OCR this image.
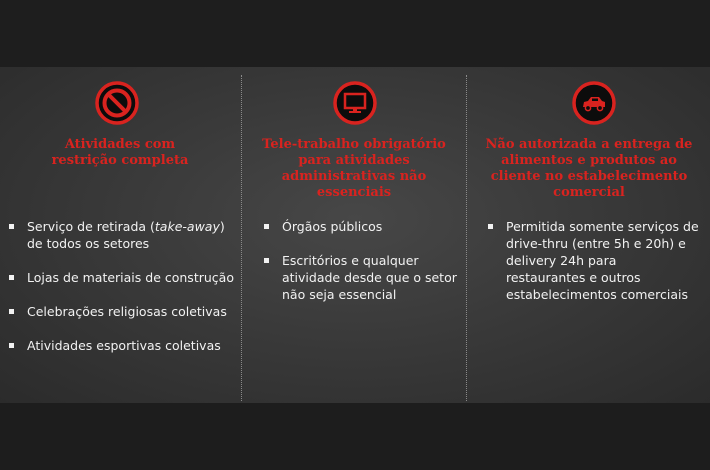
Atividades com
restrição completa
Serviço de retirada (take-away) de todos os setores
Lojas de materiais de construção
Celebrações religiosas coletivas
Atividades esportivas coletivas
Tele-trabalho obrigatório
para atividades
administrativas não
essenciais
Órgãos públicos
Escritórios e qualquer atividade desde que o setor não seja essencial
Não autorizada a entrega de
alimentos e produtos ao
cliente no estabelecimento
comercial
Permitida somente serviços de drive-thru (entre 5h e 20h) e delivery 24h para restaurantes e outros estabelecimentos comerciais
